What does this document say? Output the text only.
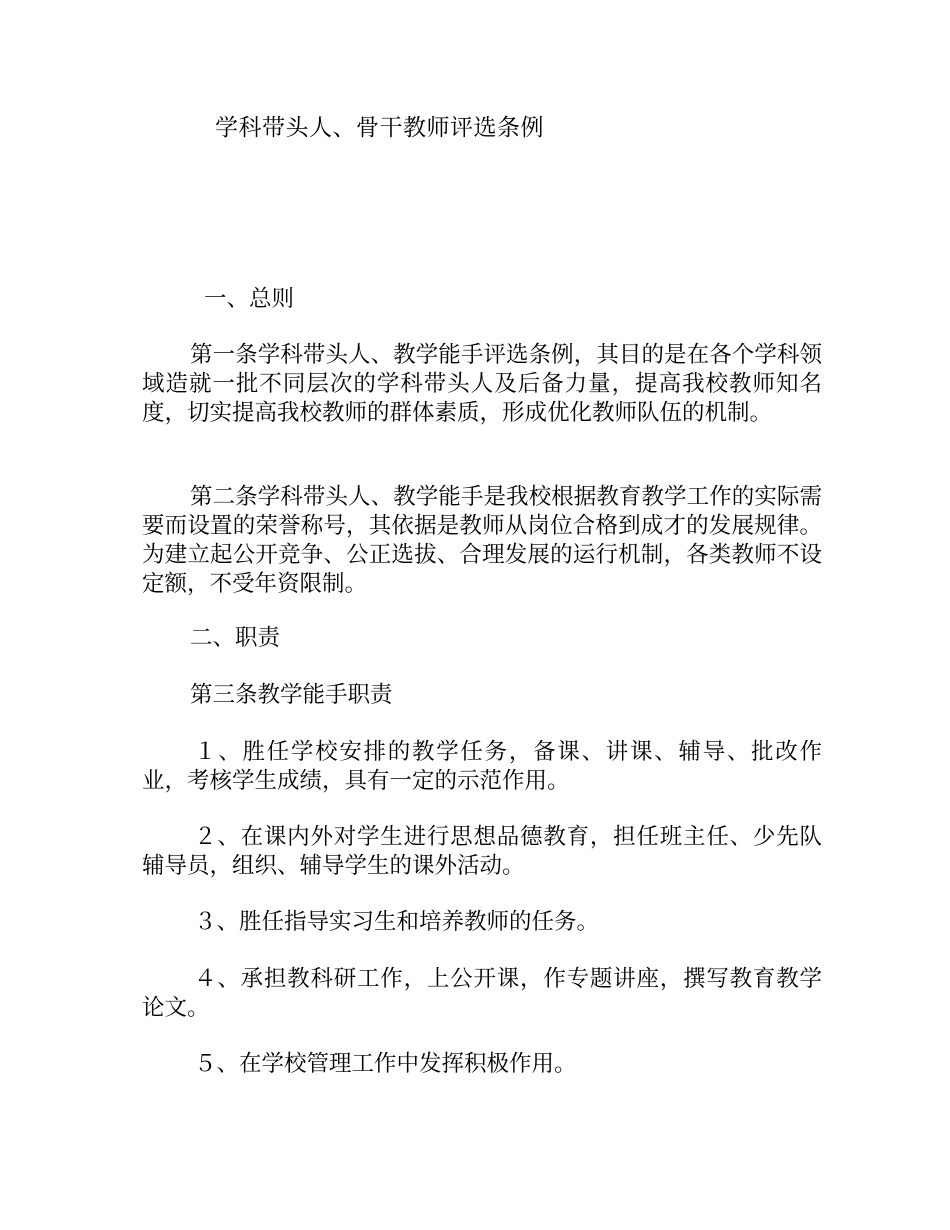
学科带头人、骨干教师评选条例
一、总则
第一条学科带头人、教学能手评选条例，其目的是在各个学科领域造就一批不同层次的学科带头人及后备力量，提高我校教师知名度，切实提高我校教师的群体素质，形成优化教师队伍的机制。
第二条学科带头人、教学能手是我校根据教育教学工作的实际需要而设置的荣誉称号，其依据是教师从岗位合格到成才的发展规律。为建立起公开竞争、公正选拔、合理发展的运行机制，各类教师不设定额，不受年资限制。
二、职责
第三条教学能手职责
１、胜任学校安排的教学任务，备课、讲课、辅导、批改作业，考核学生成绩，具有一定的示范作用。
２、在课内外对学生进行思想品德教育，担任班主任、少先队辅导员，组织、辅导学生的课外活动。
３、胜任指导实习生和培养教师的任务。
４、承担教科研工作，上公开课，作专题讲座，撰写教育教学论文。
５、在学校管理工作中发挥积极作用。
